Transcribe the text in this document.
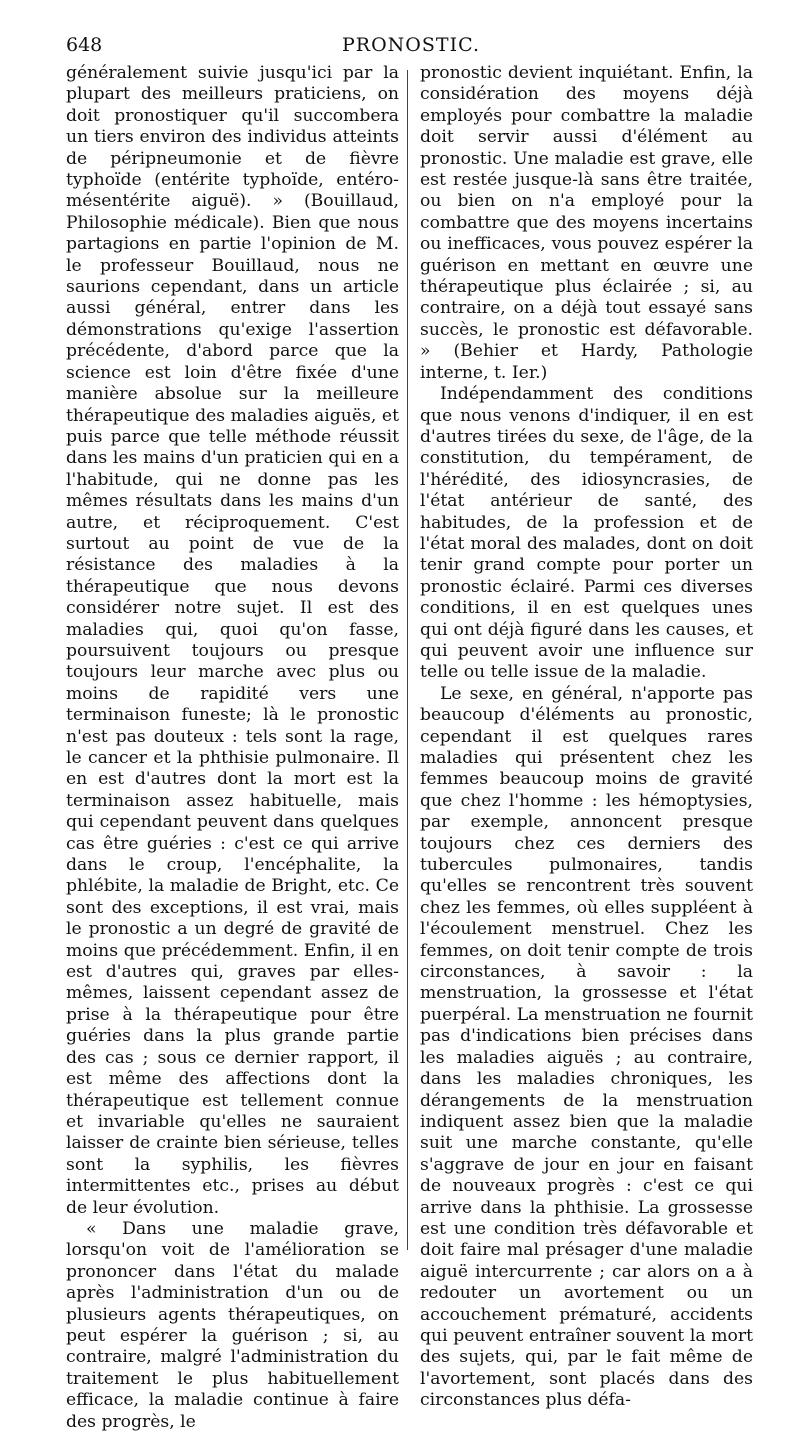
648	PRONOSTIC.

généralement suivie jusqu'ici par la plupart des meilleurs praticiens, on doit pronostiquer qu'il succombera un tiers environ des individus atteints de péripneumonie et de fièvre typhoïde (entérite typhoïde, entéro-mésentérite aiguë). » (Bouillaud, Philosophie médicale). Bien que nous partagions en partie l'opinion de M. le professeur Bouillaud, nous ne saurions cependant, dans un article aussi général, entrer dans les démonstrations qu'exige l'assertion précédente, d'abord parce que la science est loin d'être fixée d'une manière absolue sur la meilleure thérapeutique des maladies aiguës, et puis parce que telle méthode réussit dans les mains d'un praticien qui en a l'habitude, qui ne donne pas les mêmes résultats dans les mains d'un autre, et réciproquement. C'est surtout au point de vue de la résistance des maladies à la thérapeutique que nous devons considérer notre sujet. Il est des maladies qui, quoi qu'on fasse, poursuivent toujours ou presque toujours leur marche avec plus ou moins de rapidité vers une terminaison funeste; là le pronostic n'est pas douteux : tels sont la rage, le cancer et la phthisie pulmonaire. Il en est d'autres dont la mort est la terminaison assez habituelle, mais qui cependant peuvent dans quelques cas être guéries : c'est ce qui arrive dans le croup, l'encéphalite, la phlébite, la maladie de Bright, etc. Ce sont des exceptions, il est vrai, mais le pronostic a un degré de gravité de moins que précédemment. Enfin, il en est d'autres qui, graves par elles-mêmes, laissent cependant assez de prise à la thérapeutique pour être guéries dans la plus grande partie des cas ; sous ce dernier rapport, il est même des affections dont la thérapeutique est tellement connue et invariable qu'elles ne sauraient laisser de crainte bien sérieuse, telles sont la syphilis, les fièvres intermittentes etc., prises au début de leur évolution.

« Dans une maladie grave, lorsqu'on voit de l'amélioration se prononcer dans l'état du malade après l'administration d'un ou de plusieurs agents thérapeutiques, on peut espérer la guérison ; si, au contraire, malgré l'administration du traitement le plus habituellement efficace, la maladie continue à faire des progrès, le

pronostic devient inquiétant. Enfin, la considération des moyens déjà employés pour combattre la maladie doit servir aussi d'élément au pronostic. Une maladie est grave, elle est restée jusque-là sans être traitée, ou bien on n'a employé pour la combattre que des moyens incertains ou inefficaces, vous pouvez espérer la guérison en mettant en œuvre une thérapeutique plus éclairée ; si, au contraire, on a déjà tout essayé sans succès, le pronostic est défavorable. » (Behier et Hardy, Pathologie interne, t. Ier.)

Indépendamment des conditions que nous venons d'indiquer, il en est d'autres tirées du sexe, de l'âge, de la constitution, du tempérament, de l'hérédité, des idiosyncrasies, de l'état antérieur de santé, des habitudes, de la profession et de l'état moral des malades, dont on doit tenir grand compte pour porter un pronostic éclairé. Parmi ces diverses conditions, il en est quelques unes qui ont déjà figuré dans les causes, et qui peuvent avoir une influence sur telle ou telle issue de la maladie.

Le sexe, en général, n'apporte pas beaucoup d'éléments au pronostic, cependant il est quelques rares maladies qui présentent chez les femmes beaucoup moins de gravité que chez l'homme : les hémoptysies, par exemple, annoncent presque toujours chez ces derniers des tubercules pulmonaires, tandis qu'elles se rencontrent très souvent chez les femmes, où elles suppléent à l'écoulement menstruel. Chez les femmes, on doit tenir compte de trois circonstances, à savoir : la menstruation, la grossesse et l'état puerpéral. La menstruation ne fournit pas d'indications bien précises dans les maladies aiguës ; au contraire, dans les maladies chroniques, les dérangements de la menstruation indiquent assez bien que la maladie suit une marche constante, qu'elle s'aggrave de jour en jour en faisant de nouveaux progrès : c'est ce qui arrive dans la phthisie. La grossesse est une condition très défavorable et doit faire mal présager d'une maladie aiguë intercurrente ; car alors on a à redouter un avortement ou un accouchement prématuré, accidents qui peuvent entraîner souvent la mort des sujets, qui, par le fait même de l'avortement, sont placés dans des circonstances plus défa-
